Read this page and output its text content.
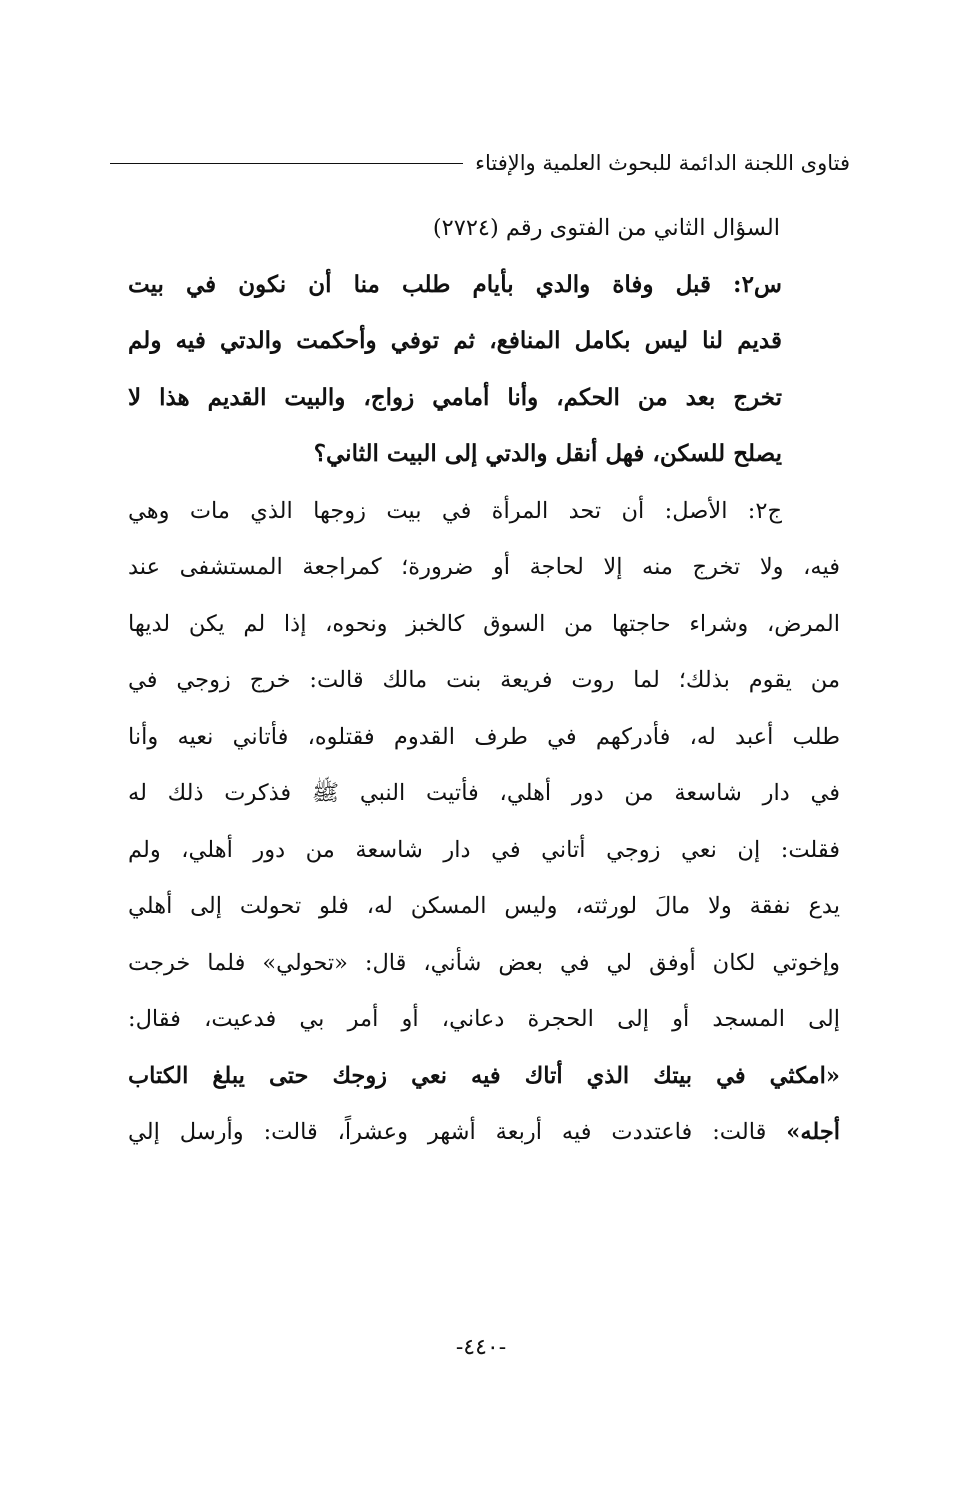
فتاوى اللجنة الدائمة للبحوث العلمية والإفتاء
السؤال الثاني من الفتوى رقم (٢٧٢٤)
س٢: قبل وفاة والدي بأيام طلب منا أن نكون في بيت
قديم لنا ليس بكامل المنافع، ثم توفي وأحكمت والدتي فيه ولم
تخرج بعد من الحكم، وأنا أمامي زواج، والبيت القديم هذا لا
يصلح للسكن، فهل أنقل والدتي إلى البيت الثاني؟
ج٢: الأصل: أن تحد المرأة في بيت زوجها الذي مات وهي
فيه، ولا تخرج منه إلا لحاجة أو ضرورة؛ كمراجعة المستشفى عند
المرض، وشراء حاجتها من السوق كالخبز ونحوه، إذا لم يكن لديها
من يقوم بذلك؛ لما روت فريعة بنت مالك قالت: خرج زوجي في
طلب أعبد له، فأدركهم في طرف القدوم فقتلوه، فأتاني نعيه وأنا
في دار شاسعة من دور أهلي، فأتيت النبي ﷺ فذكرت ذلك له
فقلت: إن نعي زوجي أتاني في دار شاسعة من دور أهلي، ولم
يدع نفقة ولا مالَ لورثته، وليس المسكن له، فلو تحولت إلى أهلي
وإخوتي لكان أوفق لي في بعض شأني، قال: «تحولي» فلما خرجت
إلى المسجد أو إلى الحجرة دعاني، أو أمر بي فدعيت، فقال:
«امكثي في بيتك الذي أتاك فيه نعي زوجك حتى يبلغ الكتاب
أجله» قالت: فاعتددت فيه أربعة أشهر وعشراً، قالت: وأرسل إلي
-٤٤٠-
